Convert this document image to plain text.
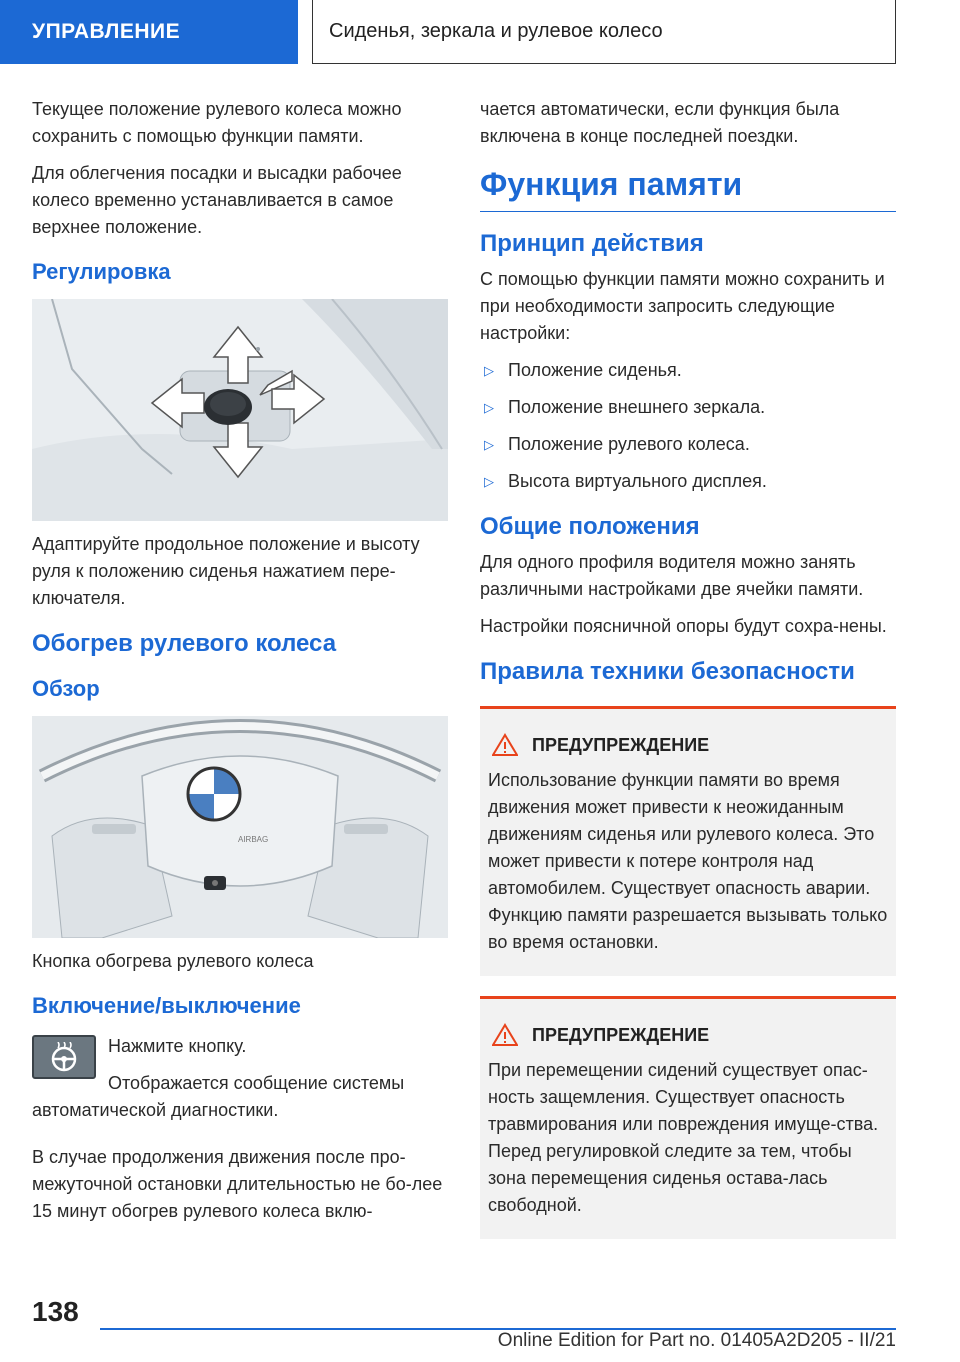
УПРАВЛЕНИЕ	Сиденья, зеркала и рулевое колесо

Текущее положение рулевого колеса можно сохранить с помощью функции памяти.

Для облегчения посадки и высадки рабочее колесо временно устанавливается в самое верхнее положение.

Регулировка

Адаптируйте продольное положение и высоту руля к положению сиденья нажатием пере-ключателя.

Обогрев рулевого колеса
Обзор
AIRBAG

Кнопка обогрева рулевого колеса

Включение/выключение

Нажмите кнопку.

Отображается сообщение системы автоматической диагностики.

В случае продолжения движения после про-межуточной остановки длительностью не бо-лее 15 минут обогрев рулевого колеса вклю-

чается автоматически, если функция была включена в конце последней поездки.

Функция памяти
Принцип действия

С помощью функции памяти можно сохранить и при необходимости запросить следующие настройки:

▷ Положение сиденья.
▷ Положение внешнего зеркала.
▷ Положение рулевого колеса.
▷ Высота виртуального дисплея.
Общие положения

Для одного профиля водителя можно занять различными настройками две ячейки памяти.

Настройки поясничной опоры будут сохра-нены.

Правила техники безопасности
ПРЕДУПРЕЖДЕНИЕ

Использование функции памяти во время движения может привести к неожиданным движениям сиденья или рулевого колеса. Это может привести к потере контроля над автомобилем. Существует опасность аварии. Функцию памяти разрешается вызывать только во время остановки.

ПРЕДУПРЕЖДЕНИЕ

При перемещении сидений существует опас-ность защемления. Существует опасность травмирования или повреждения имуще-ства. Перед регулировкой следите за тем, чтобы зона перемещения сиденья остава-лась свободной.

138
Online Edition for Part no. 01405A2D205 - II/21
